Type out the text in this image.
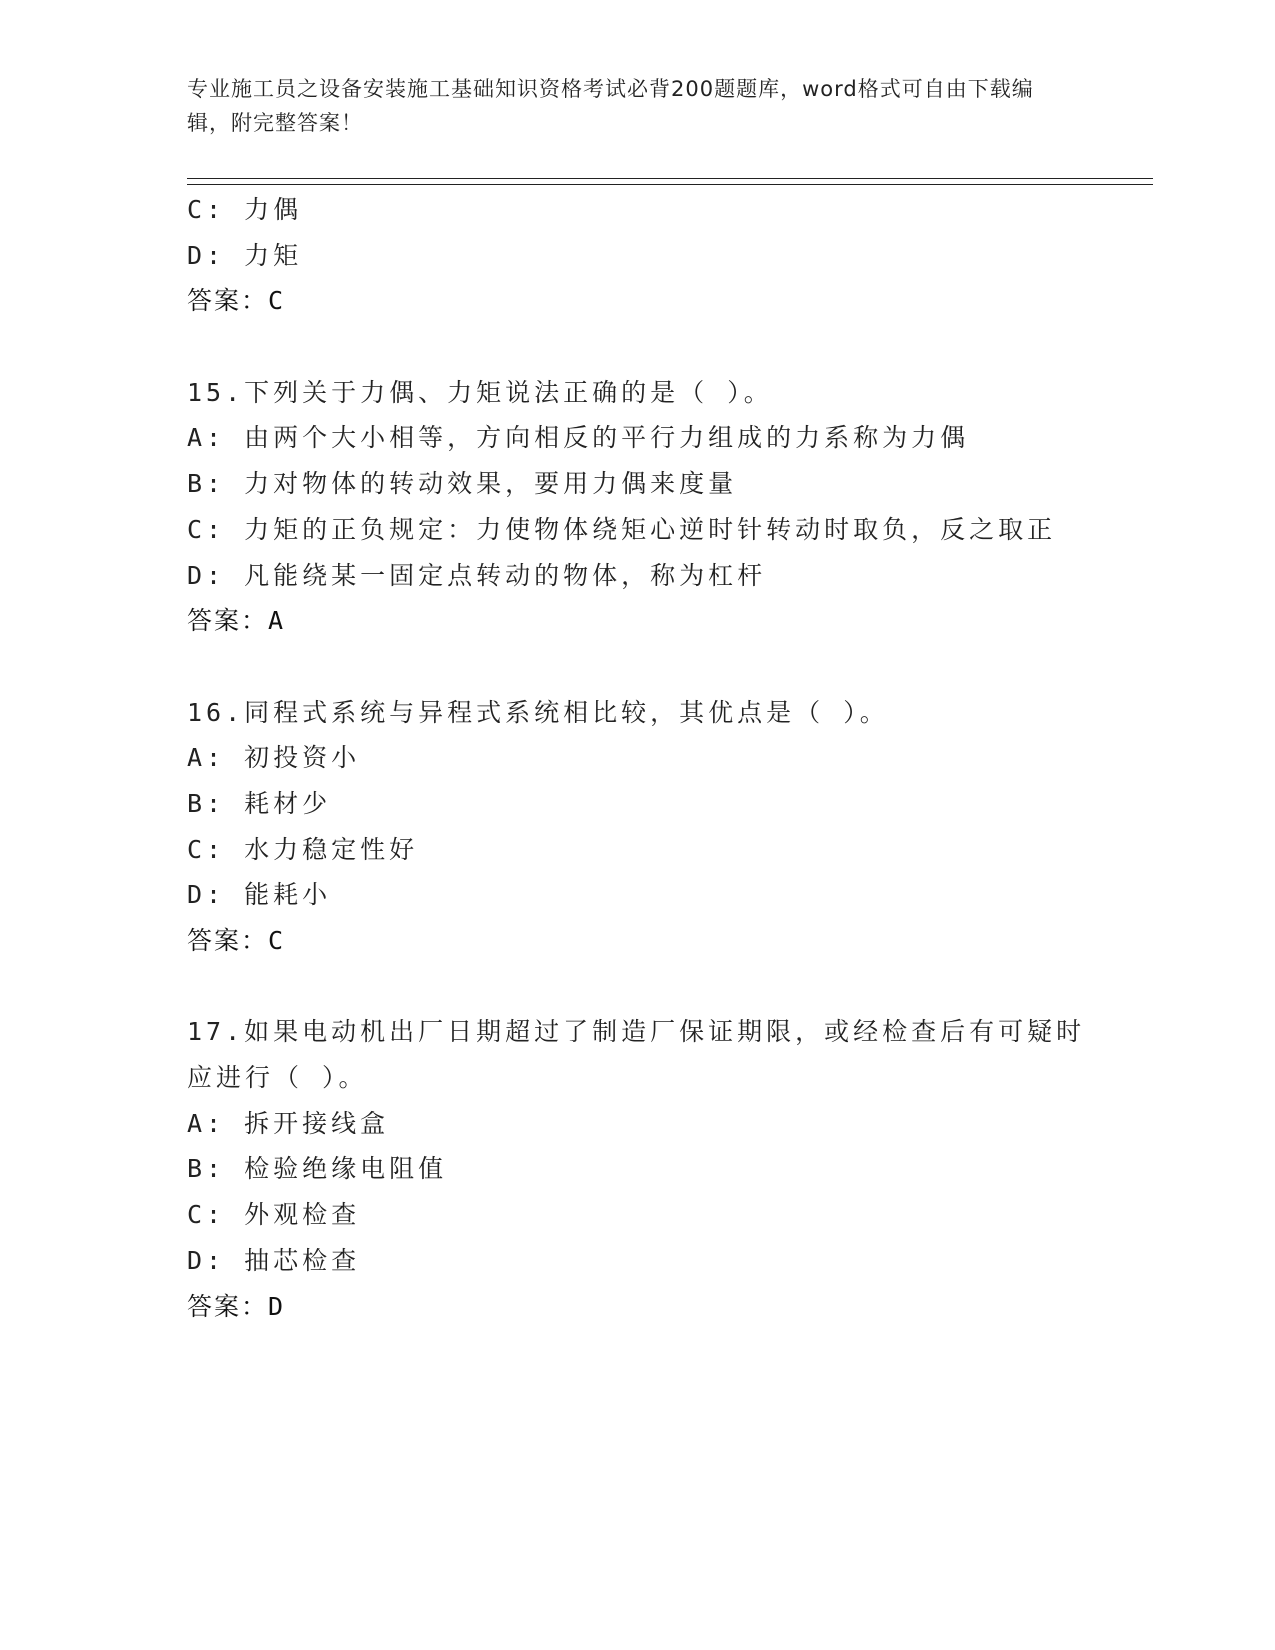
专业施工员之设备安装施工基础知识资格考试必背200题题库，word格式可自由下载编辑，附完整答案！
C: 力偶
D: 力矩
答案：C
15.下列关于力偶、力矩说法正确的是（ ）。
A: 由两个大小相等，方向相反的平行力组成的力系称为力偶
B: 力对物体的转动效果，要用力偶来度量
C: 力矩的正负规定：力使物体绕矩心逆时针转动时取负，反之取正
D: 凡能绕某一固定点转动的物体，称为杠杆
答案：A
16.同程式系统与异程式系统相比较，其优点是（ ）。
A: 初投资小
B: 耗材少
C: 水力稳定性好
D: 能耗小
答案：C
17.如果电动机出厂日期超过了制造厂保证期限，或经检查后有可疑时应进行（ ）。
A: 拆开接线盒
B: 检验绝缘电阻值
C: 外观检查
D: 抽芯检查
答案：D
